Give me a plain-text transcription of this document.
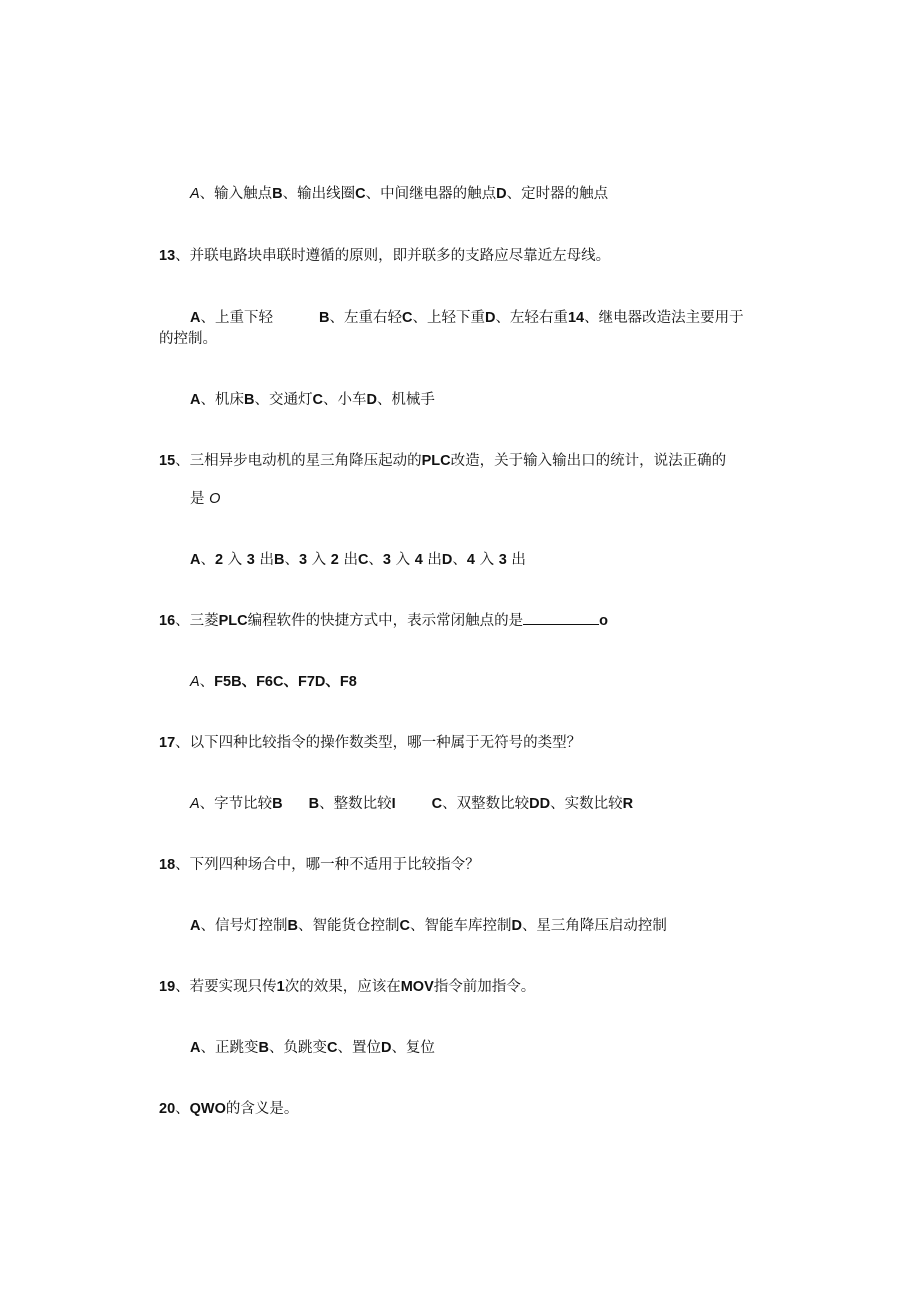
A、输入触点B、输出线圈C、中间继电器的触点D、定时器的触点
13、并联电路块串联时遵循的原则，即并联多的支路应尽靠近左母线。
A、上重下轻	B、左重右轻C、上轻下重D、左轻右重14、继电器改造法主要用于
的控制。
A、机床B、交通灯C、小车D、机械手
15、三相异步电动机的星三角降压起动的PLC改造，关于输入输出口的统计，说法正确的
是 O
A、2 入 3 出B、3 入 2 出C、3 入 4 出D、4 入 3 出
16、三菱PLC编程软件的快捷方式中，表示常闭触点的是	o
A、F5B、F6C、F7D、F8
17、以下四种比较指令的操作数类型，哪一种属于无符号的类型？
A、字节比较B B、整数比较I C、双整数比较DD、实数比较R
18、下列四种场合中，哪一种不适用于比较指令？
A、信号灯控制B、智能货仓控制C、智能车库控制D、星三角降压启动控制
19、若要实现只传1次的效果，应该在MOV指令前加指令。
A、正跳变B、负跳变C、置位D、复位
20、QWO的含义是。
